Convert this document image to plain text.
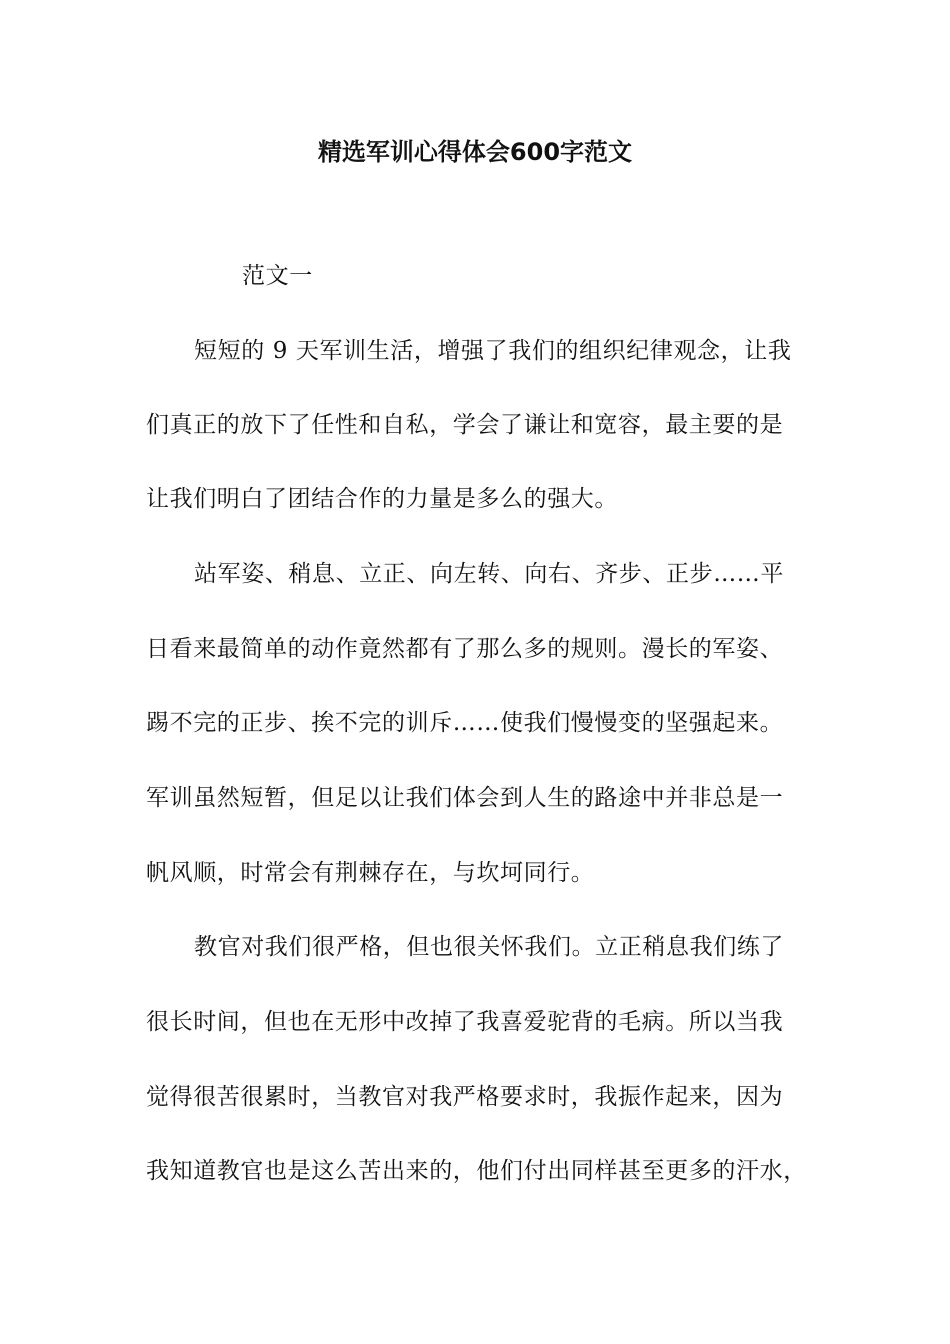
精选军训心得体会600字范文
范文一
短短的 9 天军训生活，增强了我们的组织纪律观念，让我
们真正的放下了任性和自私，学会了谦让和宽容，最主要的是
让我们明白了团结合作的力量是多么的强大。
站军姿、稍息、立正、向左转、向右、齐步、正步……平
日看来最简单的动作竟然都有了那么多的规则。漫长的军姿、
踢不完的正步、挨不完的训斥……使我们慢慢变的坚强起来。
军训虽然短暂，但足以让我们体会到人生的路途中并非总是一
帆风顺，时常会有荆棘存在，与坎坷同行。
教官对我们很严格，但也很关怀我们。立正稍息我们练了
很长时间，但也在无形中改掉了我喜爱驼背的毛病。所以当我
觉得很苦很累时，当教官对我严格要求时，我振作起来，因为
我知道教官也是这么苦出来的，他们付出同样甚至更多的汗水，
